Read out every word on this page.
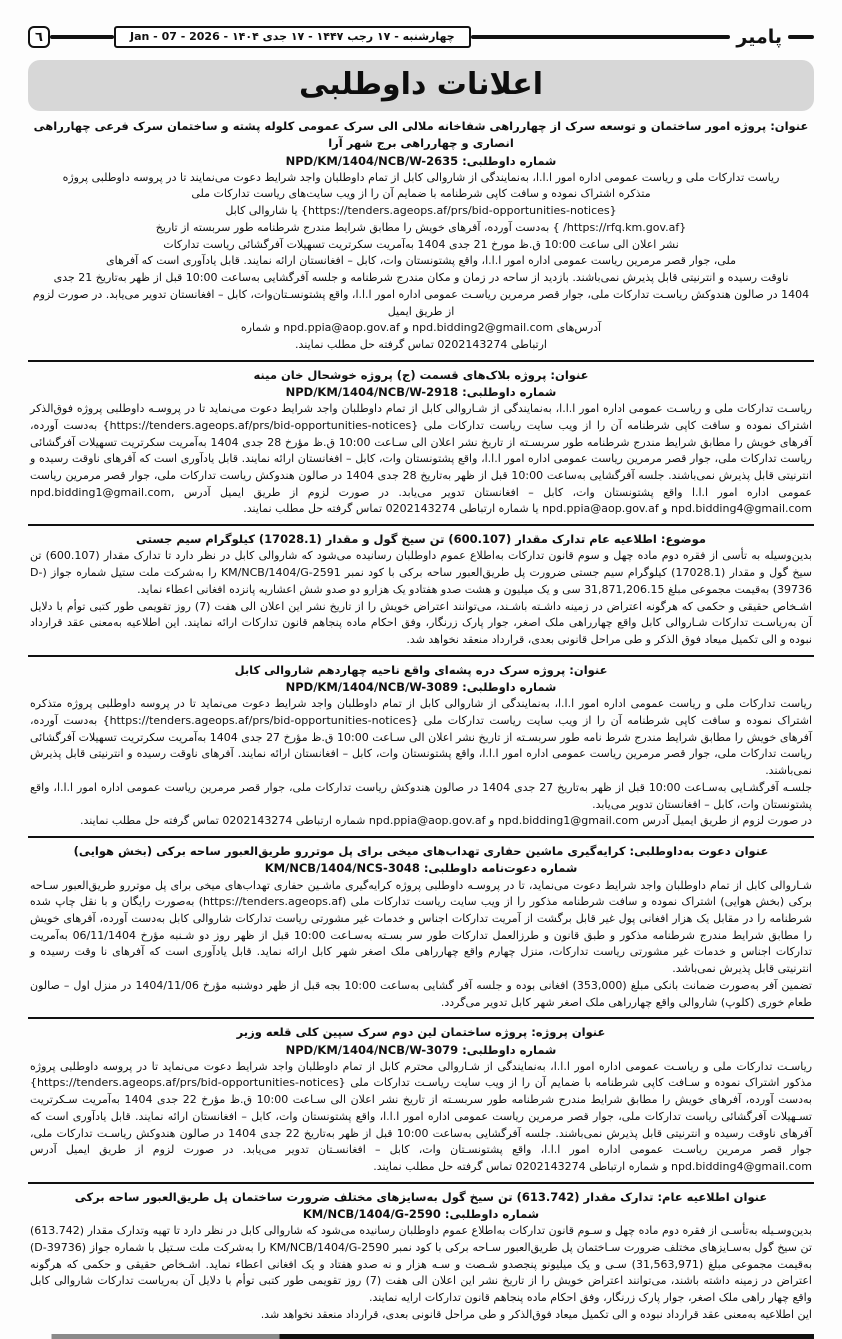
پامیر
چهارشنبه - ۱۷ رجب ۱۴۴۷ - ۱۷ جدی ۱۴۰۴ - Jan - 07 - 2026
٦
اعلانات داوطلبی
عنوان: پروژه امور ساختمان و توسعه سرک از چهارراهی شفاخانه ملالی الی سرک عمومی کلوله پشته و ساختمان سرک فرعی چهارراهی انصاری و چهارراهی برج شهر آرا
شماره داوطلبی: NPD/KM/1404/NCB/W-2635

ریاست تدارکات ملی و ریاست عمومی اداره امور ا.ا.ا، به‌نمایندگی از شاروالی کابل از تمام داوطلبان واجد شرایط دعوت می‌نمایند تا در پروسه داوطلبی پروژه

متذکره اشتراک نموده و سافت کاپی شرطنامه با ضمایم آن را از ویب سایت‌های ریاست تدارکات ملی

{https://tenders.ageops.af/prs/bid-opportunities-notices} یا شاروالی کابل

{https://rfq.km.gov.af/ } به‌دست آورده، آفرهای خویش را مطابق شرایط مندرج شرطنامه طور سربسته از تاریخ

نشر اعلان الی ساعت 10:00 ق.ظ مورخ 21 جدی 1404 به‌آمریت سکرتریت تسهیلات آفرگشائی ریاست تدارکات

ملی، جوار قصر مرمرین ریاست عمومی اداره امور ا.ا.ا، واقع پشتونستان وات، کابل – افغانستان ارائه نمایند. قابل یادآوری است که آفرهای

ناوقت رسیده و انترنیتی قابل پذیرش نمی‌باشند. بازدید از ساحه در زمان و مکان مندرج شرطنامه و جلسه آفرگشایی به‌ساعت 10:00 قبل از ظهر به‌تاریخ 21 جدی

1404 در صالون هندوکش ریاسـت تدارکات ملی، جوار قصر مرمرین ریاسـت عمومی اداره امور ا.ا.ا، واقع پشتونسـتان‌وات، کابل – افغانستان تدویر می‌یابد. در صورت لزوم از طریق ایمیل

آدرس‌های npd.bidding2@gmail.com و npd.ppia@aop.gov.af و شماره

ارتباطی 0202143274 تماس گرفته حل مطلب نمایند.

عنوان: پروژه بلاک‌های قسمت (ج) پروژه خوشحال خان مینه
شماره داوطلبی: NPD/KM/1404/NCB/W-2918

ریاسـت تدارکات ملی و ریاسـت عمومی اداره امور ا.ا.ا، به‌نمایندگی از شـاروالی کابل از تمام داوطلبان واجد شرایط دعوت می‌نماید تا در پروسـه داوطلبی پروژه فوق‌الذکر اشتراک نموده و سافت کاپی شرطنامه آن را از ویب سایت ریاست تدارکات ملی {https://tenders.ageops.af/prs/bid-opportunities-notices} به‌دست آورده، آفرهای خویش را مطابق شرایط مندرج شرطنامه طور سربسـته از تاریخ نشر اعلان الی سـاعت 10:00 ق.ظ مؤرخ 28 جدی 1404 به‌آمریت سکرتریت تسهیلات آفرگشائی ریاست تدارکات ملی، جوار قصر مرمرین ریاست عمومی اداره امور ا.ا.ا، واقع پشتونستان وات، کابل – افغانستان ارائه نمایند. قابل یادآوری است که آفرهای ناوقت رسیده و انترنیتی قابل پذیرش نمی‌باشند. جلسه آفرگشایی به‌ساعت 10:00 قبل از ظهر به‌تاریخ 28 جدی 1404 در صالون هندوکش ریاست تدارکات ملی، جوار قصر مرمرین ریاست عمومی اداره امور ا.ا.ا واقع پشتونستان وات، کابل – افغانستان تدویر می‌یابد. در صورت لزوم از طریق ایمیل آدرس npd.bidding1@gmail.com, npd.bidding4@gmail.com و npd.ppia@aop.gov.af یا شماره ارتباطی 0202143274 تماس گرفته حل مطلب نمایند.

موضوع: اطلاعیه عام تدارک مقدار (600.107) تن سیخ گول و مقدار (17028.1) کیلوگرام سیم جستی

بدین‌وسیله به تأسی از فقره دوم ماده چهل و سوم قانون تدارکات به‌اطلاع عموم داوطلبان رسانیده می‌شود که شاروالی کابل در نظر دارد تا تدارک مقدار (600.107) تن سیخ گول و مقدار (17028.1) کیلوگرام سیم جستی ضرورت پل طریق‌العبور ساحه برکی با کود نمبر KM/NCB/1404/G-2591 را به‌شرکت ملت ستیل شماره جواز (D-39736) به‌قیمت مجموعی مبلغ 31,871,206.15 سی و یک میلیون و هشت صدو هفتادو یک هزارو دو صدو شش اعشاریه پانزده افغانی اعطاء نماید.

اشـخاص حقیقی و حکمی که هرگونه اعتراض در زمینه داشـته باشـند، می‌توانند اعتراض خویش را از تاریخ نشر این اعلان الی هفت (7) روز تقویمی طور کتبی توأم با دلایل آن به‌ریاسـت تدارکات شـاروالی کابل واقع چهارراهی ملک اصغر، جوار پارک زرنگار، وفق احکام ماده پنجاهم قانون تدارکات ارائه نمایند. این اطلاعیه به‌معنی عقد قرارداد نبوده و الی تکمیل میعاد فوق الذکر و طی مراحل قانونی بعدی، قرارداد منعقد نخواهد شد.

عنوان: پروژه سرک دره پشه‌ای واقع ناحیه چهاردهم شاروالی کابل
شماره داوطلبی: NPD/KM/1404/NCB/W-3089

ریاست تدارکات ملی و ریاست عمومی اداره امور ا.ا.ا، به‌نمایندگی از شاروالی کابل از تمام داوطلبان واجد شرایط دعوت می‌نماید تا در پروسه داوطلبی پروژه متذکره اشتراک نموده و سافت کاپی شرطنامه آن را از ویب سایت ریاست تدارکات ملی {https://tenders.ageops.af/prs/bid-opportunities-notices} به‌دست آورده، آفرهای خویش را مطابق شرایط مندرج شرط نامه طور سربسـته از تاریخ نشر اعلان الی سـاعت 10:00 ق.ظ مؤرخ 27 جدی 1404 به‌آمریت سکرتریت تسهیلات آفرگشائی ریاست تدارکات ملی، جوار قصر مرمرین ریاست عمومی اداره امور ا.ا.ا، واقع پشتونستان وات، کابل – افغانستان ارائه نمایند. آفرهای ناوقت رسیده و انترنیتی قابل پذیرش نمی‌باشند.

جلسـه آفرگشـایی به‌سـاعت 10:00 قبل از ظهر به‌تاریخ 27 جدی 1404 در صالون هندوکش ریاست تدارکات ملی، جوار قصر مرمرین ریاست عمومی اداره امور ا.ا.ا، واقع پشتونستان وات، کابل – افغانستان تدویر می‌یابد.

در صورت لزوم از طریق ایمیل آدرس npd.bidding1@gmail.com و npd.ppia@aop.gov.af شماره ارتباطی 0202143274 تماس گرفته حل مطلب نمایند.

عنوان دعوت به‌داوطلبی: کرایه‌گیری ماشین حفاری تهداب‌های میخی برای پل موتررو طریق‌العبور ساحه برکی (بخش هوایی)
شماره دعوت‌نامه داوطلبی: KM/NCB/1404/NCS-3048

شـاروالی کابل از تمام داوطلبان واجد شرایط دعوت می‌نماید، تا در پروسـه داوطلبی پروژه کرایه‌گیری ماشـین حفاری تهداب‌های میخی برای پل موتررو طریق‌العبور سـاحه برکی (بخش هوایی) اشتراک نموده و سافت شرطنامه مذکور را از ویب سایت ریاست تدارکات ملی (https://tenders.ageops.af) به‌صورت رایگان و با نقل چاپ شده شرطنامه را در مقابل یک هزار افغانی پول غیر قابل برگشت از آمریت تدارکات اجناس و خدمات غیر مشورتی ریاست تدارکات شاروالی کابل به‌دست آورده، آفرهای خویش را مطابق شرایط مندرج شرطنامه مذکور و طبق قانون و طرزالعمل تدارکات طور سر بسـته به‌سـاعت 10:00 قبل از ظهر روز دو شـنبه مؤرخ 06/11/1404 به‌آمریت تدارکات اجناس و خدمات غیر مشورتی ریاست تدارکات، منزل چهارم واقع چهارراهی ملک اصغر شهر کابل ارائه نماید. قابل یادآوری است که آفرهای نا وقت رسیده و انترنیتی قابل پذیرش نمی‌باشد.

تضمین آفر به‌صورت ضمانت بانکی مبلغ (353,000) افغانی بوده و جلسه آفر گشایی به‌ساعت 10:00 بجه قبل از ظهر دوشنبه مؤرخ 1404/11/06 در منزل اول – صالون طعام خوری (کلوپ) شاروالی واقع چهارراهی ملک اصغر شهر کابل تدویر می‌گردد.

عنوان پروژه: پروژه ساختمان لین دوم سرک سپین کلی قلعه وزیر
شماره داوطلبی: NPD/KM/1404/NCB/W-3079

ریاسـت تدارکات ملی و ریاسـت عمومی اداره امور ا.ا.ا، به‌نمایندگی از شـاروالی محترم کابل از تمام داوطلبان واجد شرایط دعوت می‌نماید تا در پروسه داوطلبی پروژه مذکور اشتراک نموده و سـافت کاپی شرطنامه با ضمایم آن را از ویب سایت ریاسـت تدارکات ملی {https://tenders.ageops.af/prs/bid-opportunities-notices} به‌دست آورده، آفرهای خویش را مطابق شرایط مندرج شرطنامه طور سربسـته از تاریخ نشر اعلان الی سـاعت 10:00 ق.ظ مؤرخ 22 جدی 1404 به‌آمریت سـکرتریت تسـهیلات آفرگشائی ریاست تدارکات ملی، جوار قصر مرمرین ریاست عمومی اداره امور ا.ا.ا، واقع پشتونستان وات، کابل – افغانستان ارائه نمایند. قابل یادآوری است که آفرهای ناوقت رسیده و انترنیتی قابل پذیرش نمی‌باشند. جلسه آفرگشایی به‌ساعت 10:00 قبل از ظهر به‌تاریخ 22 جدی 1404 در صالون هندوکش ریاسـت تدارکات ملی، جوار قصر مرمرین ریاسـت عمومی اداره امور ا.ا.ا، واقع پشتونسـتان وات، کابل – افغانسـتان تدویر می‌یابد. در صورت لزوم از طریق ایمیل آدرس npd.bidding4@gmail.com و شماره ارتباطی 0202143274 تماس گرفته حل مطلب نمایند.

عنوان اطلاعیه عام: تدارک مقدار (613.742) تن سیخ گول به‌سایزهای مختلف ضرورت ساختمان پل طریق‌العبور ساحه برکی
شماره داوطلبی: KM/NCB/1404/G-2590

بدین‌وسـیله به‌تأسـی از فقره دوم ماده چهل و سـوم قانون تدارکات به‌اطلاع عموم داوطلبان رسانیده می‌شود که شاروالی کابل در نظر دارد تا تهیه وتدارک مقدار (613.742) تن سیخ گول به‌سـایزهای مختلف ضرورت سـاختمان پل طریق‌العبور سـاحه برکی با کود نمبر KM/NCB/1404/G-2590 را به‌شرکت ملت سـتیل با شماره جواز (D-39736) به‌قیمت مجموعی مبلغ (31,563,971) سـی و یک میلیونو پنجصدو شـصت و سـه هزار و نه صدو هفتاد و یک افغانی اعطاء نماید. اشـخاص حقیقی و حکمی که هرگونه اعتراض در زمینه داشته باشند، می‌توانند اعتراض خویش را از تاریخ نشر این اعلان الی هفت (7) روز تقویمی طور کتبی توأم با دلایل آن به‌ریاست تدارکات شاروالی کابل واقع چهار راهی ملک اصغر، جوار پارک زرنگار، وفق احکام ماده پنجاهم قانون تدارکات ارایه نمایند.

این اطلاعیه به‌معنی عقد قرارداد نبوده و الی تکمیل میعاد فوق‌الذکر و طی مراحل قانونی بعدی، قرارداد منعقد نخواهد شد.
